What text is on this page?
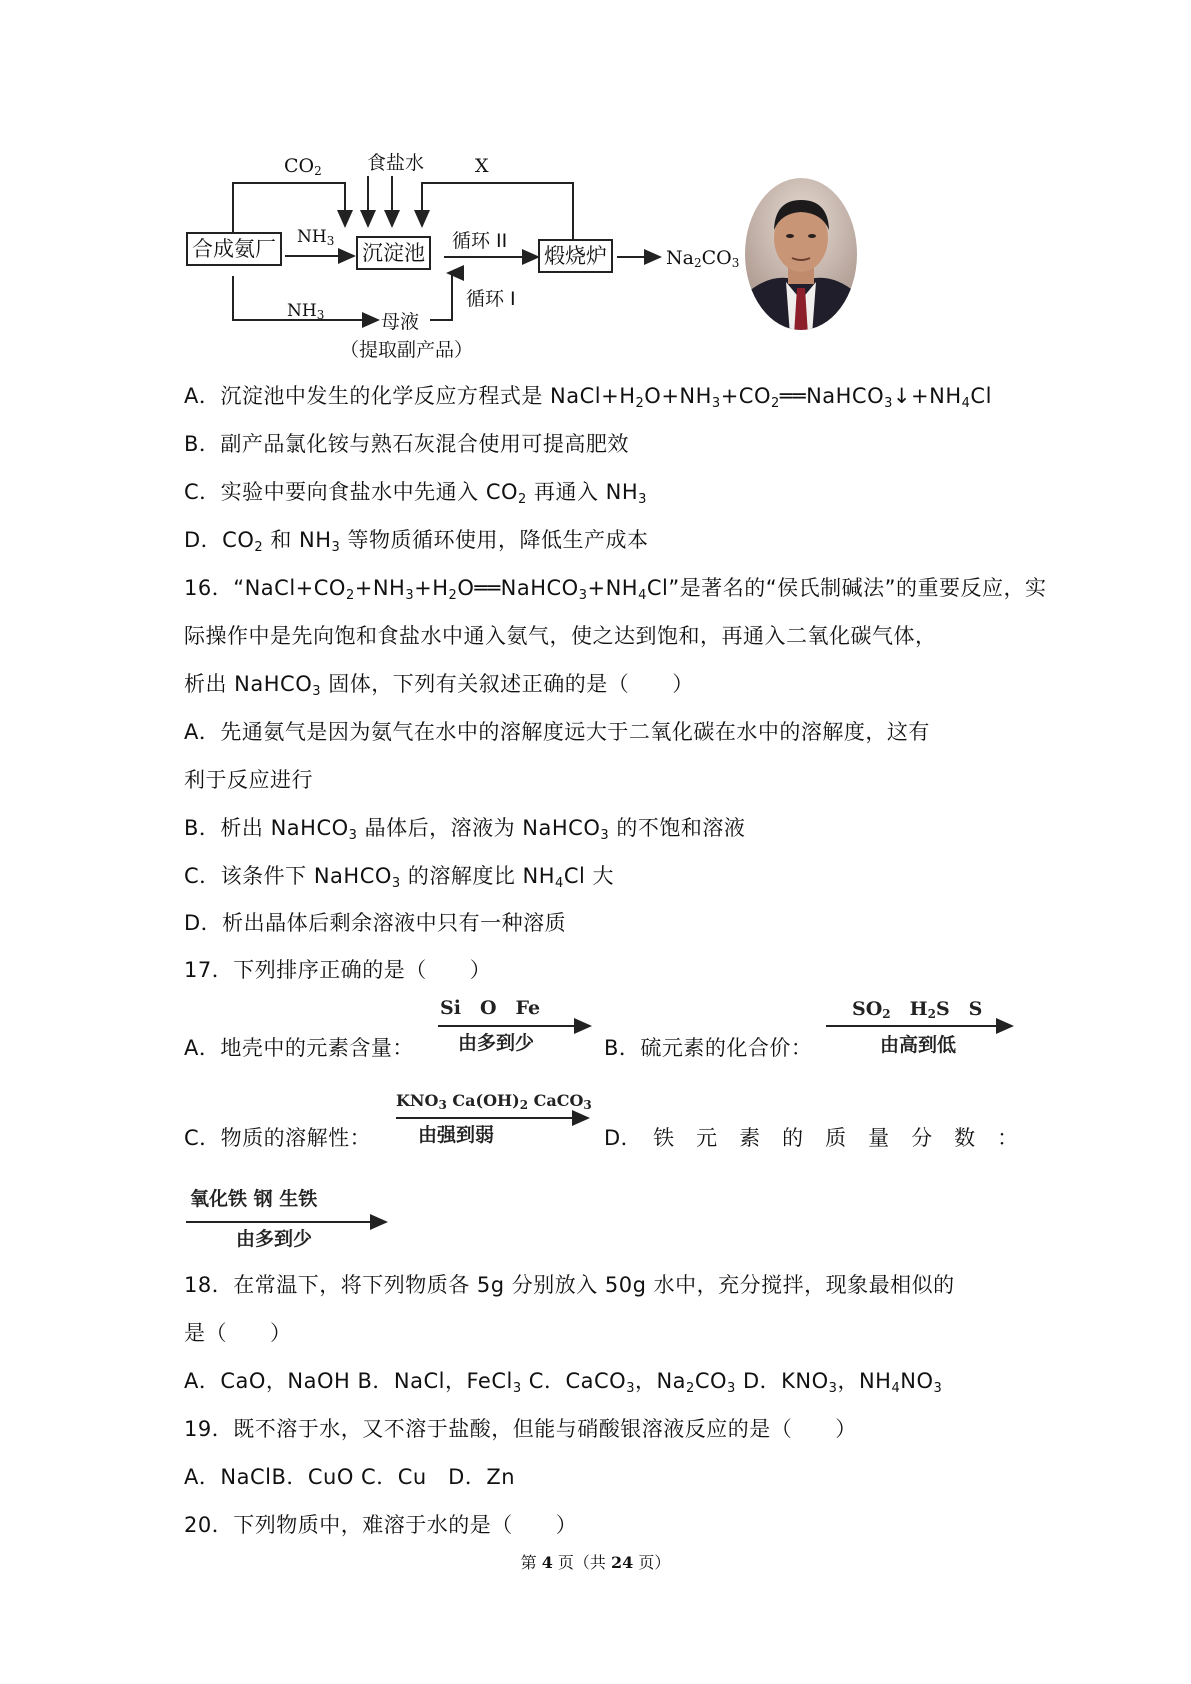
$CO_2$ 食盐水	X
合成氨厂	$NH_3$ 沉淀池	循环 II
煅烧炉	$Na_2CO_3$
循环 I
$NH_3$	母液
（提取副产品）
A．沉淀池中发生的化学反应方程式是 $NaCl+H_2O+NH_3+CO_2══NaHCO_3↓+NH_4Cl$
B．副产品氯化铵与熟石灰混合使用可提高肥效
C．实验中要向食盐水中先通入 $CO_2$ 再通入 $NH_3$
D．$CO_2$ 和 $NH_3$ 等物质循环使用，降低生产成本
16．“$NaCl+CO_2+NH_3+H_2O══NaHCO_3+NH_4Cl$”是著名的“侯氏制碱法”的重要反应，实
际操作中是先向饱和食盐水中通入氨气，使之达到饱和，再通入二氧化碳气体，
析出 NaHCO$_3$ 固体，下列有关叙述正确的是（　　）
A．先通氨气是因为氨气在水中的溶解度远大于二氧化碳在水中的溶解度，这有
利于反应进行
B．析出 NaHCO$_3$ 晶体后，溶液为 NaHCO$_3$ 的不饱和溶液
C．该条件下 NaHCO$_3$ 的溶解度比 $NH_4Cl$ 大
D．析出晶体后剩余溶液中只有一种溶质
17．下列排序正确的是（　　）
A．地壳中的元素含量：
Si　O　Fe
由多到少	B．硫元素的化合价：
$SO_2$　$H_2S$　S
由高到低
C．物质的溶解性：
$KNO_3$ $Ca(OH)_2$ CaCO$_3$
由强到弱	D．　铁　元　素　的　质　量　分　数　：
氧化铁 钢 生铁
由多到少
18．在常温下，将下列物质各 5g 分别放入 50g 水中，充分搅拌，现象最相似的
是（　　）
A．CaO，NaOH B．NaCl，FeCl$_3$ C．CaCO$_3$，$Na_2CO_3$ D．$KNO_3$，$NH_4NO_3$
19．既不溶于水，又不溶于盐酸，但能与硝酸银溶液反应的是（　　）
A．NaClB．CuO C．Cu　D．Zn
20．下列物质中，难溶于水的是（　　）
第 4 页（共 24 页）
